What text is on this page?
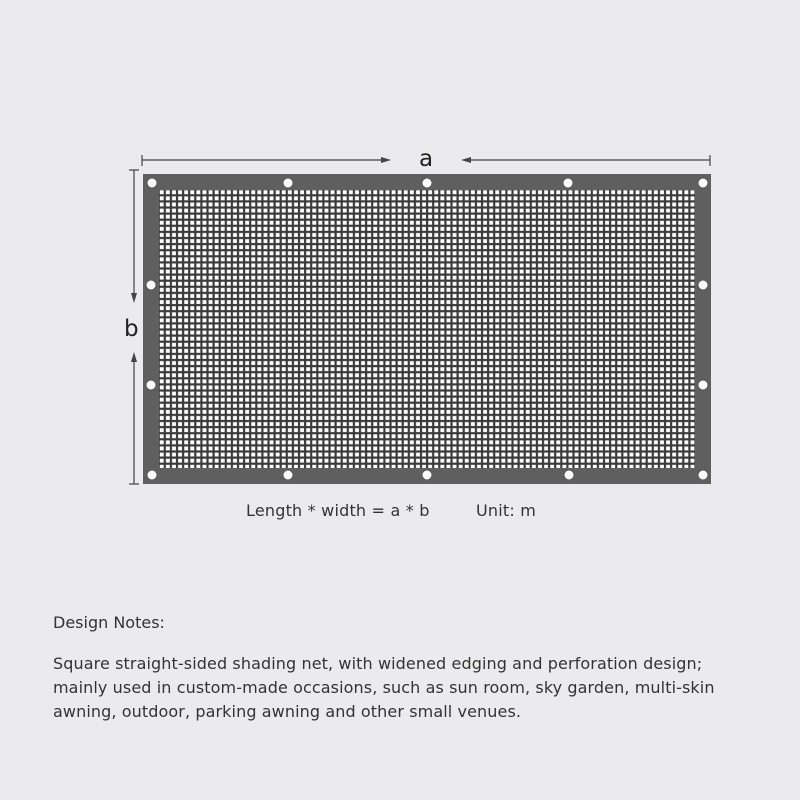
a
b
Length * width = a * b	Unit: m
Design Notes:
Square straight-sided shading net, with widened edging and perforation design; mainly used in custom-made occasions, such as sun room, sky garden, multi-skin awning, outdoor, parking awning and other small venues.
